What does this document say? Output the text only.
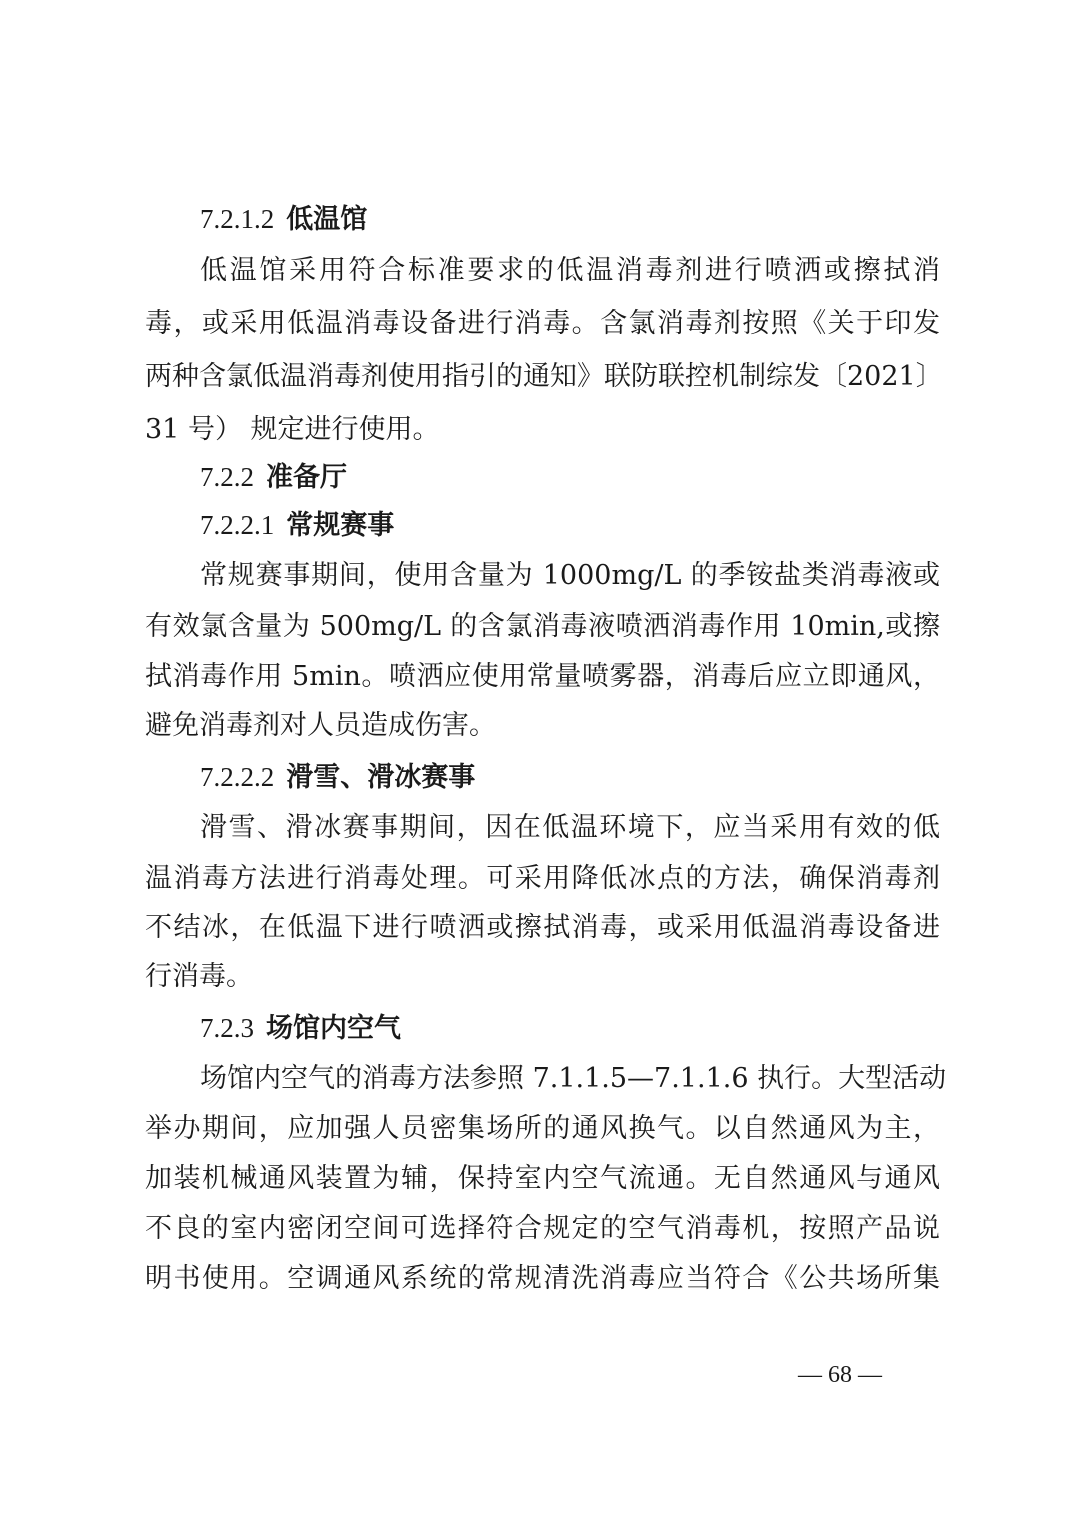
7.2.1.2 低温馆
低温馆采用符合标准要求的低温消毒剂进行喷洒或擦拭消
毒，或采用低温消毒设备进行消毒。含氯消毒剂按照《关于印发
两种含氯低温消毒剂使用指引的通知》联防联控机制综发〔2021〕
31 号） 规定进行使用。
7.2.2 准备厅
7.2.2.1 常规赛事
常规赛事期间，使用含量为 1000mg/L 的季铵盐类消毒液或
有效氯含量为 500mg/L 的含氯消毒液喷洒消毒作用 10min,或擦
拭消毒作用 5min。喷洒应使用常量喷雾器，消毒后应立即通风，
避免消毒剂对人员造成伤害。
7.2.2.2 滑雪、滑冰赛事
滑雪、滑冰赛事期间，因在低温环境下，应当采用有效的低
温消毒方法进行消毒处理。可采用降低冰点的方法，确保消毒剂
不结冰，在低温下进行喷洒或擦拭消毒，或采用低温消毒设备进
行消毒。
7.2.3 场馆内空气
场馆内空气的消毒方法参照 7.1.1.5—7.1.1.6 执行。大型活动
举办期间，应加强人员密集场所的通风换气。以自然通风为主，
加装机械通风装置为辅，保持室内空气流通。无自然通风与通风
不良的室内密闭空间可选择符合规定的空气消毒机，按照产品说
明书使用。空调通风系统的常规清洗消毒应当符合《公共场所集
— 68 —
